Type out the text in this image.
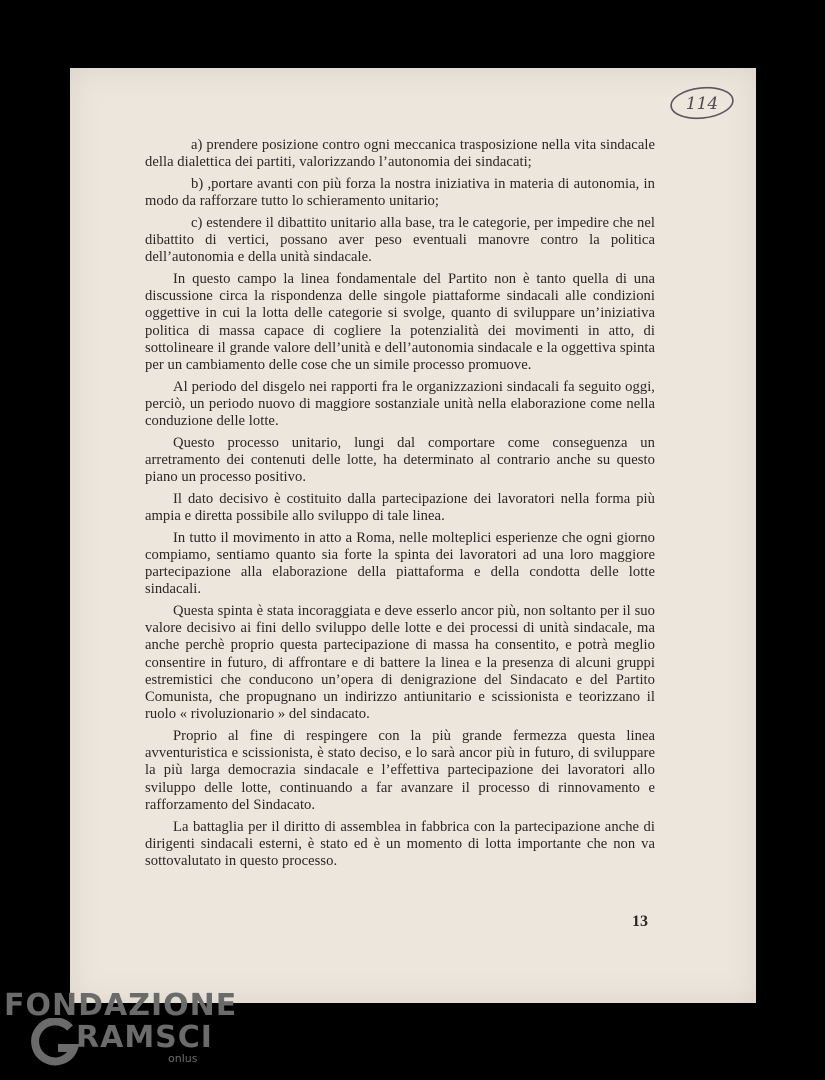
114

a) prendere posizione contro ogni meccanica trasposizione nella vita sindacale della dialettica dei partiti, valorizzando l’autonomia dei sindacati;

b) ,portare avanti con più forza la nostra iniziativa in materia di autonomia, in modo da rafforzare tutto lo schieramento unitario;

c) estendere il dibattito unitario alla base, tra le categorie, per impedire che nel dibattito di vertici, possano aver peso eventuali manovre contro la politica dell’autonomia e della unità sindacale.

In questo campo la linea fondamentale del Partito non è tanto quella di una discussione circa la rispondenza delle singole piattaforme sindacali alle condizioni oggettive in cui la lotta delle categorie si svolge, quanto di sviluppare un’iniziativa politica di massa capace di cogliere la potenzialità dei movimenti in atto, di sottolineare il grande valore dell’unità e dell’autonomia sindacale e la oggettiva spinta per un cambiamento delle cose che un simile processo promuove.

Al periodo del disgelo nei rapporti fra le organizzazioni sindacali fa seguito oggi, perciò, un periodo nuovo di maggiore sostanziale unità nella elaborazione come nella conduzione delle lotte.

Questo processo unitario, lungi dal comportare come conseguenza un arretramento dei contenuti delle lotte, ha determinato al contrario anche su questo piano un processo positivo.

Il dato decisivo è costituito dalla partecipazione dei lavoratori nella forma più ampia e diretta possibile allo sviluppo di tale linea.

In tutto il movimento in atto a Roma, nelle molteplici esperienze che ogni giorno compiamo, sentiamo quanto sia forte la spinta dei lavoratori ad una loro maggiore partecipazione alla elaborazione della piattaforma e della condotta delle lotte sindacali.

Questa spinta è stata incoraggiata e deve esserlo ancor più, non soltanto per il suo valore decisivo ai fini dello sviluppo delle lotte e dei processi di unità sindacale, ma anche perchè proprio questa partecipazione di massa ha consentito, e potrà meglio consentire in futuro, di affrontare e di battere la linea e la presenza di alcuni gruppi estremistici che conducono un’opera di denigrazione del Sindacato e del Partito Comunista, che propugnano un indirizzo antiunitario e scissionista e teorizzano il ruolo « rivoluzionario » del sindacato.

Proprio al fine di respingere con la più grande fermezza questa linea avventuristica e scissionista, è stato deciso, e lo sarà ancor più in futuro, di sviluppare la più larga democrazia sindacale e l’effettiva partecipazione dei lavoratori allo sviluppo delle lotte, continuando a far avanzare il processo di rinnovamento e rafforzamento del Sindacato.

La battaglia per il diritto di assemblea in fabbrica con la partecipazione anche di dirigenti sindacali esterni, è stato ed è un momento di lotta importante che non va sottovalutato in questo processo.

13
FONDAZIONE
RAMSCI
onlus
